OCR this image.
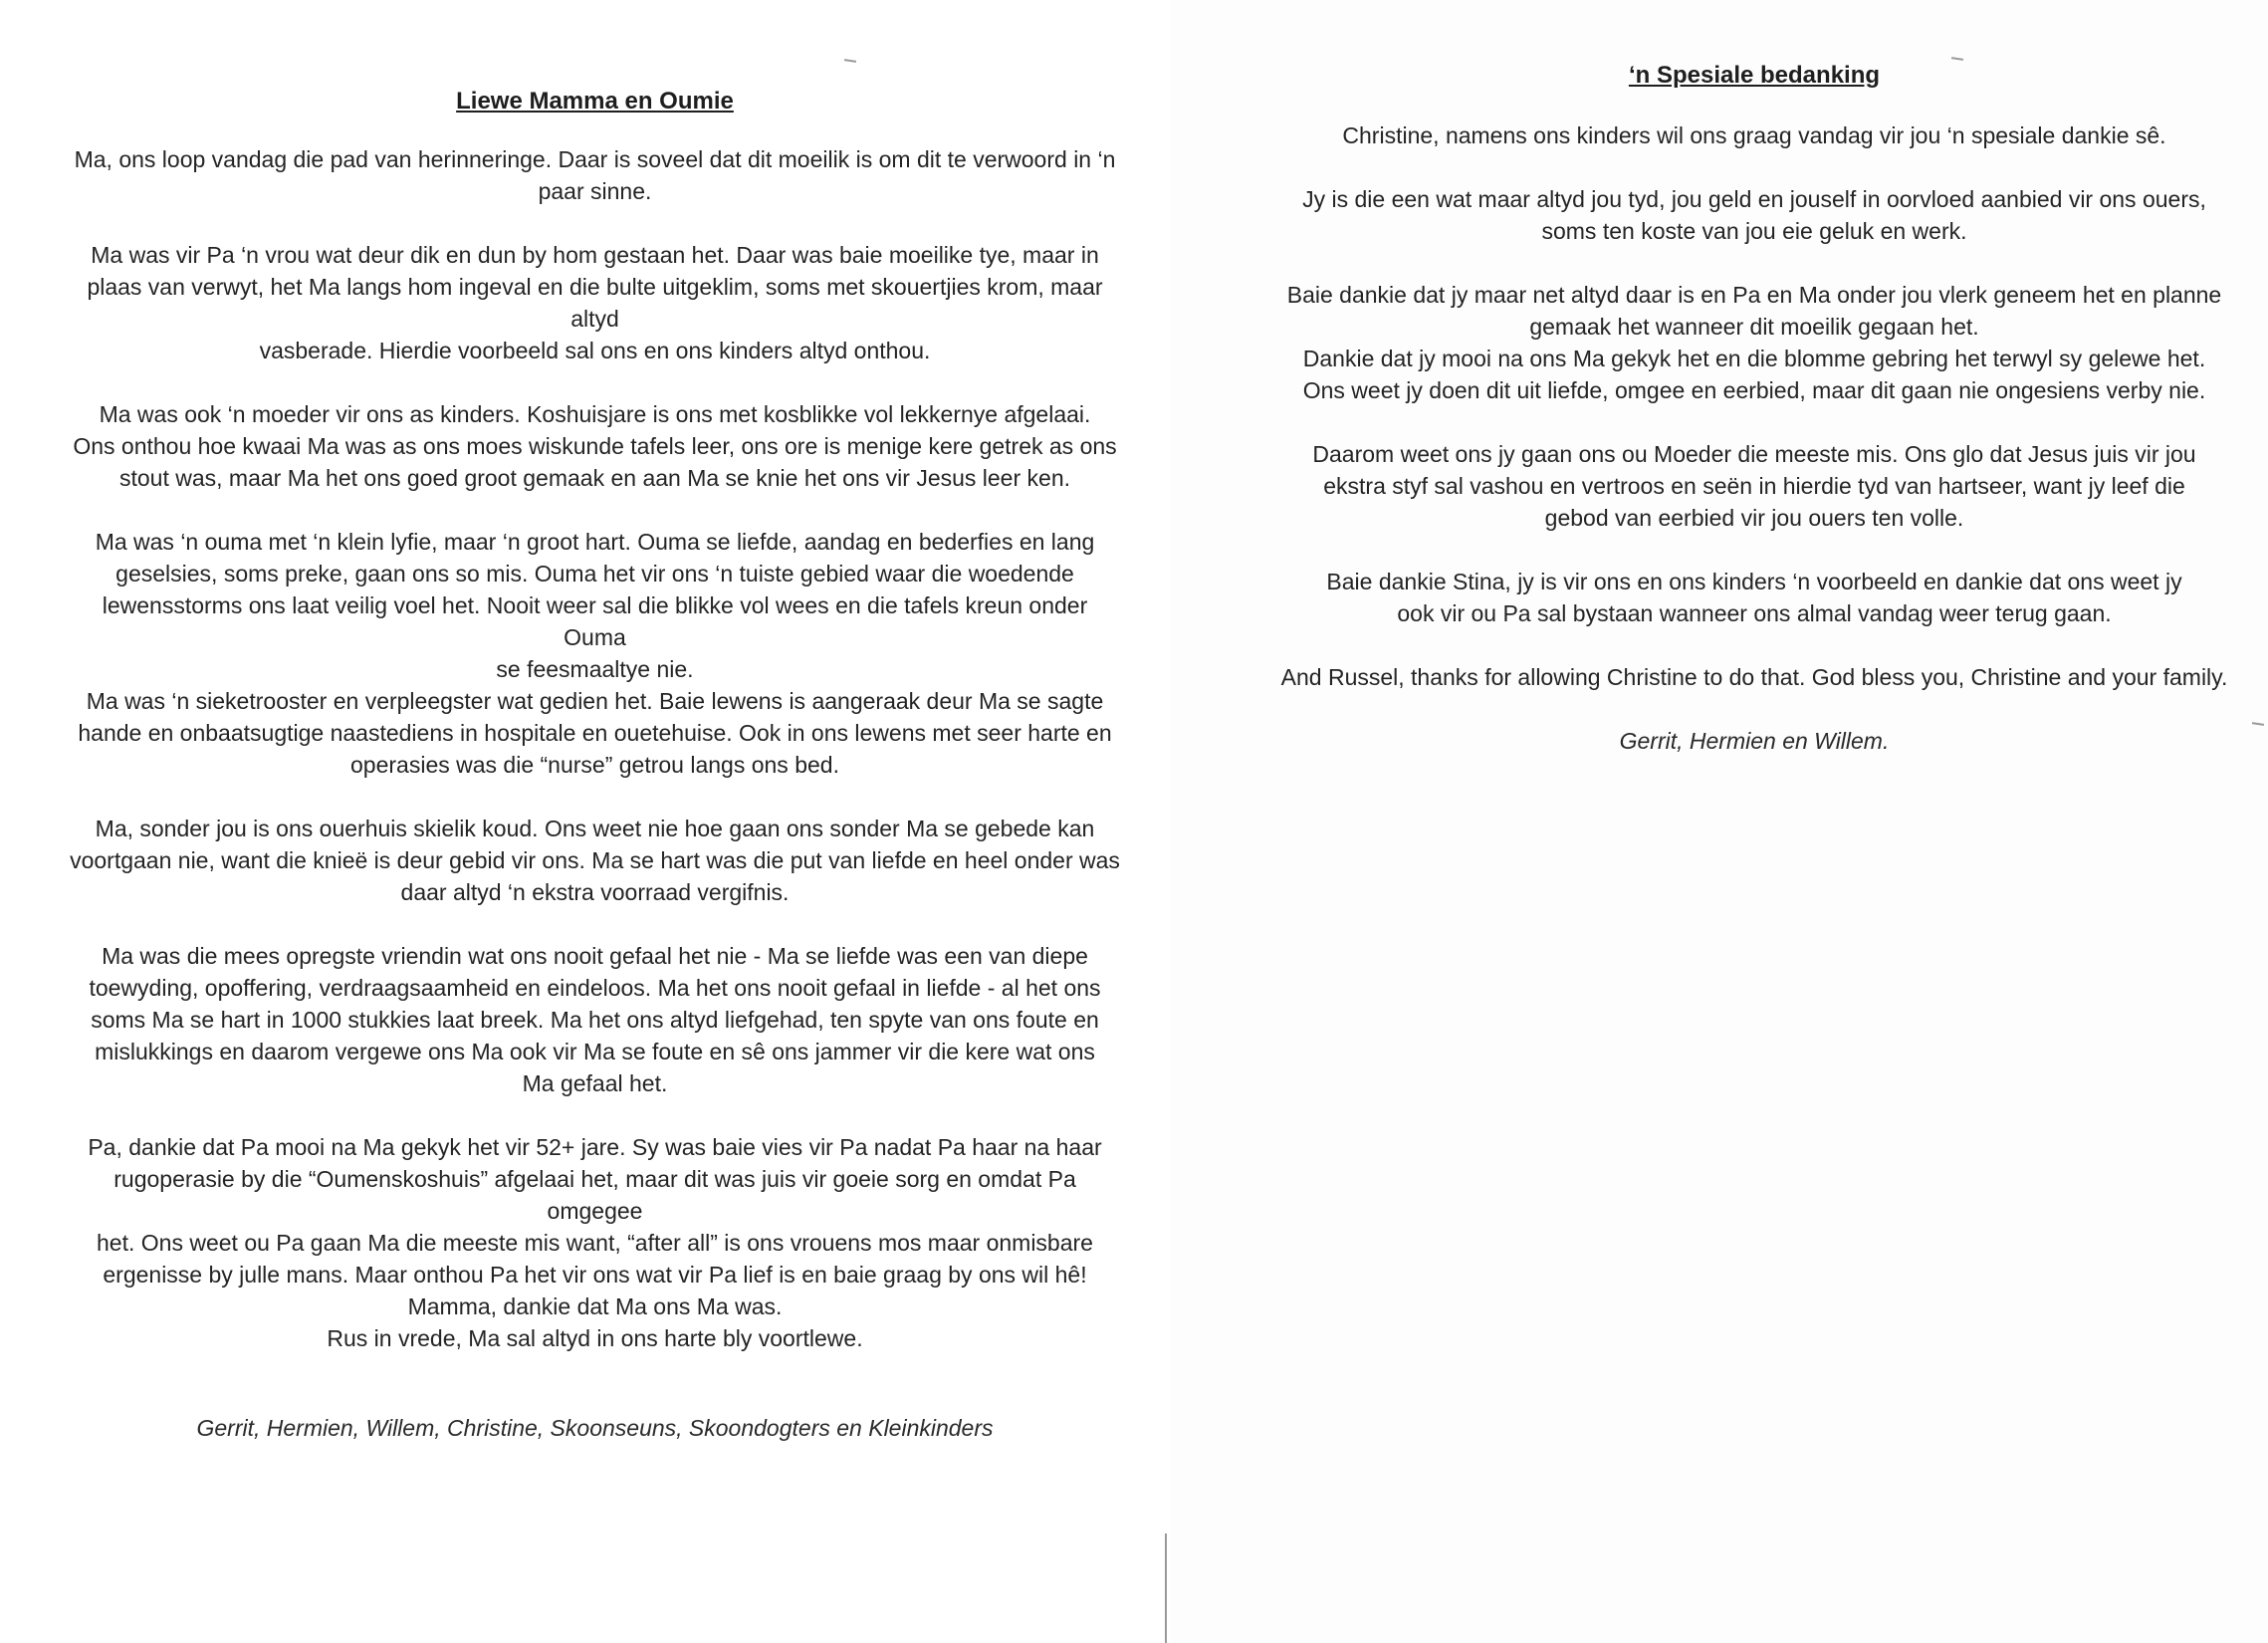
Liewe Mamma en Oumie
Ma, ons loop vandag die pad van herinneringe. Daar is soveel dat dit moeilik is om dit te verwoord in ‘n
paar sinne.
Ma was vir Pa ‘n vrou wat deur dik en dun by hom gestaan het. Daar was baie moeilike tye, maar in
plaas van verwyt, het Ma langs hom ingeval en die bulte uitgeklim, soms met skouertjies krom, maar altyd
vasberade. Hierdie voorbeeld sal ons en ons kinders altyd onthou.
Ma was ook ‘n moeder vir ons as kinders. Koshuisjare is ons met kosblikke vol lekkernye afgelaai.
Ons onthou hoe kwaai Ma was as ons moes wiskunde tafels leer, ons ore is menige kere getrek as ons
stout was, maar Ma het ons goed groot gemaak en aan Ma se knie het ons vir Jesus leer ken.
Ma was ‘n ouma met ‘n klein lyfie, maar ‘n groot hart. Ouma se liefde, aandag en bederfies en lang
geselsies, soms preke, gaan ons so mis. Ouma het vir ons ‘n tuiste gebied waar die woedende
lewensstorms ons laat veilig voel het. Nooit weer sal die blikke vol wees en die tafels kreun onder Ouma
se feesmaaltye nie.
Ma was ‘n sieketrooster en verpleegster wat gedien het. Baie lewens is aangeraak deur Ma se sagte
hande en onbaatsugtige naastediens in hospitale en ouetehuise. Ook in ons lewens met seer harte en
operasies was die “nurse” getrou langs ons bed.
Ma, sonder jou is ons ouerhuis skielik koud. Ons weet nie hoe gaan ons sonder Ma se gebede kan
voortgaan nie, want die knieë is deur gebid vir ons. Ma se hart was die put van liefde en heel onder was
daar altyd ‘n ekstra voorraad vergifnis.
Ma was die mees opregste vriendin wat ons nooit gefaal het nie - Ma se liefde was een van diepe
toewyding, opoffering, verdraagsaamheid en eindeloos. Ma het ons nooit gefaal in liefde - al het ons
soms Ma se hart in 1000 stukkies laat breek. Ma het ons altyd liefgehad, ten spyte van ons foute en
mislukkings en daarom vergewe ons Ma ook vir Ma se foute en sê ons jammer vir die kere wat ons
Ma gefaal het.
Pa, dankie dat Pa mooi na Ma gekyk het vir 52+ jare. Sy was baie vies vir Pa nadat Pa haar na haar
rugoperasie by die “Oumenskoshuis” afgelaai het, maar dit was juis vir goeie sorg en omdat Pa omgegee
het. Ons weet ou Pa gaan Ma die meeste mis want, “after all” is ons vrouens mos maar onmisbare
ergenisse by julle mans. Maar onthou Pa het vir ons wat vir Pa lief is en baie graag by ons wil hê!
Mamma, dankie dat Ma ons Ma was.
Rus in vrede, Ma sal altyd in ons harte bly voortlewe.
Gerrit, Hermien, Willem, Christine, Skoonseuns, Skoondogters en Kleinkinders
‘n Spesiale bedanking
Christine, namens ons kinders wil ons graag vandag vir jou ‘n spesiale dankie sê.
Jy is die een wat maar altyd jou tyd, jou geld en jouself in oorvloed aanbied vir ons ouers,
soms ten koste van jou eie geluk en werk.
Baie dankie dat jy maar net altyd daar is en Pa en Ma onder jou vlerk geneem het en planne
gemaak het wanneer dit moeilik gegaan het.
Dankie dat jy mooi na ons Ma gekyk het en die blomme gebring het terwyl sy gelewe het.
Ons weet jy doen dit uit liefde, omgee en eerbied, maar dit gaan nie ongesiens verby nie.
Daarom weet ons jy gaan ons ou Moeder die meeste mis. Ons glo dat Jesus juis vir jou
ekstra styf sal vashou en vertroos en seën in hierdie tyd van hartseer, want jy leef die
gebod van eerbied vir jou ouers ten volle.
Baie dankie Stina, jy is vir ons en ons kinders ‘n voorbeeld en dankie dat ons weet jy
ook vir ou Pa sal bystaan wanneer ons almal vandag weer terug gaan.
And Russel, thanks for allowing Christine to do that. God bless you, Christine and your family.
Gerrit, Hermien en Willem.
